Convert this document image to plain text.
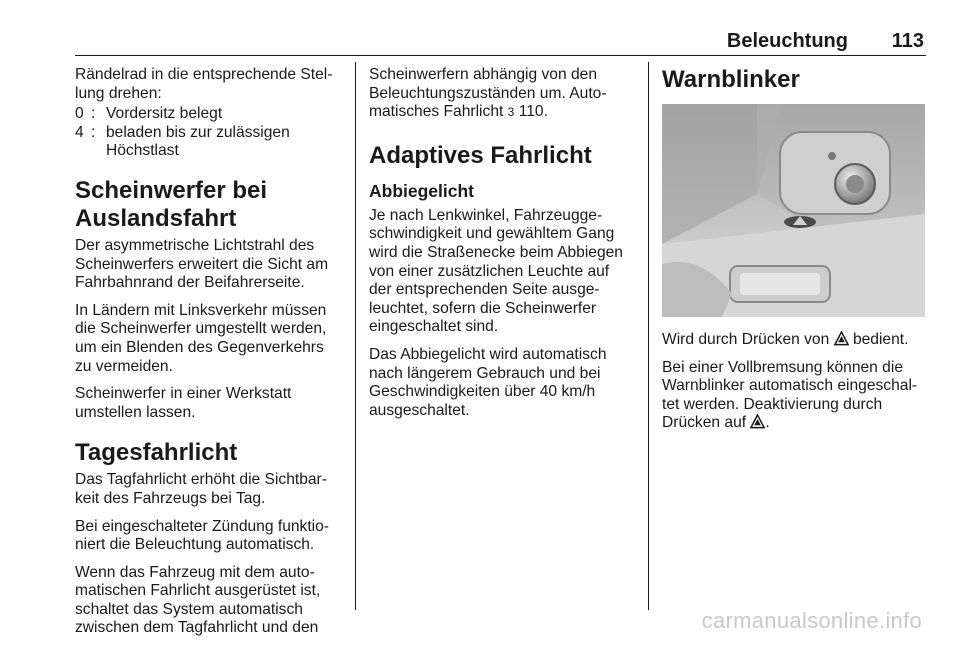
Beleuchtung 113

Rändelrad in die entsprechende Stel-lung drehen:

0 : Vordersitz belegt
4 : beladen bis zur zulässigen Höchstlast
Scheinwerfer bei Auslandsfahrt

Der asymmetrische Lichtstrahl des Scheinwerfers erweitert die Sicht am Fahrbahnrand der Beifahrerseite.

In Ländern mit Linksverkehr müssen die Scheinwerfer umgestellt werden, um ein Blenden des Gegenverkehrs zu vermeiden.

Scheinwerfer in einer Werkstatt umstellen lassen.

Tagesfahrlicht

Das Tagfahrlicht erhöht die Sichtbar-keit des Fahrzeugs bei Tag.

Bei eingeschalteter Zündung funktio-niert die Beleuchtung automatisch.

Wenn das Fahrzeug mit dem auto-matischen Fahrlicht ausgerüstet ist, schaltet das System automatisch zwischen dem Tagfahrlicht und den

Scheinwerfern abhängig von den Beleuchtungszuständen um. Auto-matisches Fahrlicht 3 110.

Adaptives Fahrlicht
Abbiegelicht

Je nach Lenkwinkel, Fahrzeugge-schwindigkeit und gewähltem Gang wird die Straßenecke beim Abbiegen von einer zusätzlichen Leuchte auf der entsprechenden Seite ausge-leuchtet, sofern die Scheinwerfer eingeschaltet sind.

Das Abbiegelicht wird automatisch nach längerem Gebrauch und bei Geschwindigkeiten über 40 km/h ausgeschaltet.

Warnblinker

Wird durch Drücken von bedient.

Bei einer Vollbremsung können die Warnblinker automatisch eingeschal-tet werden. Deaktivierung durch Drücken auf .

carmanualsonline.info
